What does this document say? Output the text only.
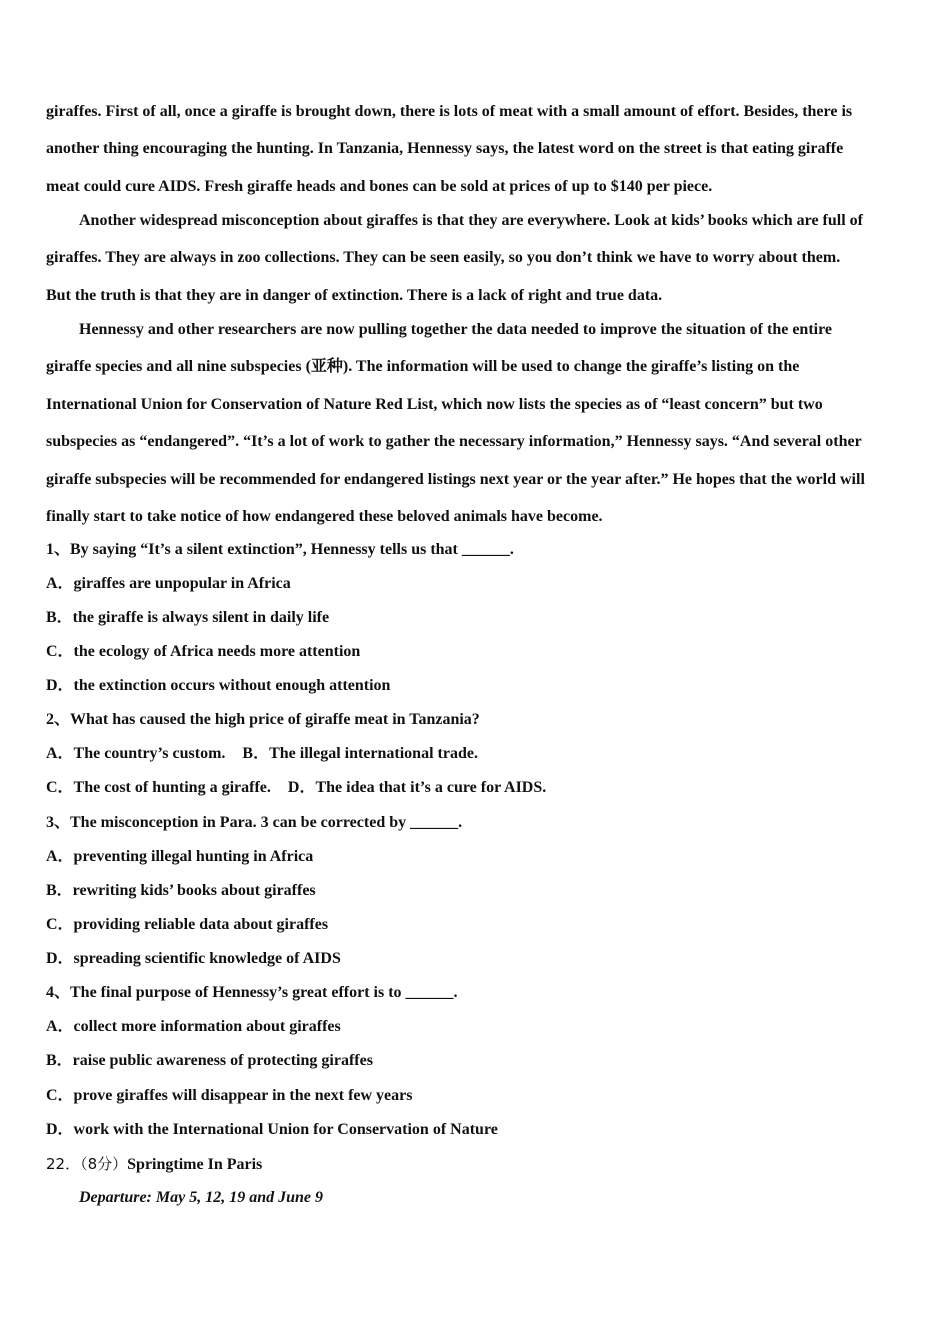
giraffes. First of all, once a giraffe is brought down, there is lots of meat with a small amount of effort. Besides, there is
another thing encouraging the hunting. In Tanzania, Hennessy says, the latest word on the street is that eating giraffe
meat could cure AIDS. Fresh giraffe heads and bones can be sold at prices of up to $140 per piece.
Another widespread misconception about giraffes is that they are everywhere. Look at kids’ books which are full of
giraffes. They are always in zoo collections. They can be seen easily, so you don’t think we have to worry about them.
But the truth is that they are in danger of extinction. There is a lack of right and true data.
Hennessy and other researchers are now pulling together the data needed to improve the situation of the entire
giraffe species and all nine subspecies (亚种). The information will be used to change the giraffe’s listing on the
International Union for Conservation of Nature Red List, which now lists the species as of “least concern” but two
subspecies as “endangered”. “It’s a lot of work to gather the necessary information,” Hennessy says. “And several other
giraffe subspecies will be recommended for endangered listings next year or the year after.” He hopes that the world will
finally start to take notice of how endangered these beloved animals have become.
1、By saying “It’s a silent extinction”, Hennessy tells us that ______.
A．giraffes are unpopular in Africa
B．the giraffe is always silent in daily life
C．the ecology of Africa needs more attention
D．the extinction occurs without enough attention
2、What has caused the high price of giraffe meat in Tanzania?
A．The country’s custom. B．The illegal international trade.
C．The cost of hunting a giraffe. D．The idea that it’s a cure for AIDS.
3、The misconception in Para. 3 can be corrected by ______.
A．preventing illegal hunting in Africa
B．rewriting kids’ books about giraffes
C．providing reliable data about giraffes
D．spreading scientific knowledge of AIDS
4、The final purpose of Hennessy’s great effort is to ______.
A．collect more information about giraffes
B．raise public awareness of protecting giraffes
C．prove giraffes will disappear in the next few years
D．work with the International Union for Conservation of Nature
22．（8分）Springtime In Paris
Departure: May 5, 12, 19 and June 9
